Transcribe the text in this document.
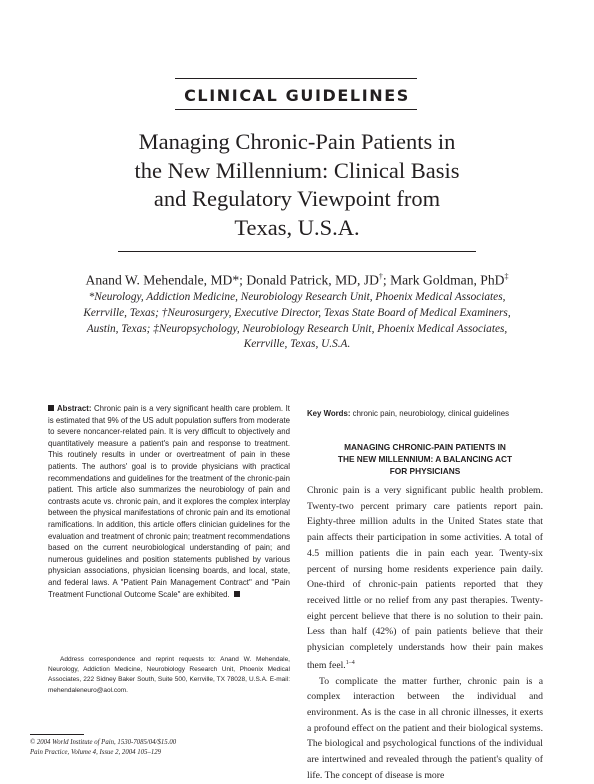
CLINICAL GUIDELINES
Managing Chronic-Pain Patients in
the New Millennium: Clinical Basis
and Regulatory Viewpoint from
Texas, U.S.A.
Anand W. Mehendale, MD*; Donald Patrick, MD, JD†; Mark Goldman, PhD‡
*Neurology, Addiction Medicine, Neurobiology Research Unit, Phoenix Medical Associates,
Kerrville, Texas; †Neurosurgery, Executive Director, Texas State Board of Medical Examiners,
Austin, Texas; ‡Neuropsychology, Neurobiology Research Unit, Phoenix Medical Associates,
Kerrville, Texas, U.S.A.
Abstract: Chronic pain is a very significant health care problem. It is estimated that 9% of the US adult population suffers from moderate to severe noncancer-related pain. It is very difficult to objectively and quantitatively measure a patient's pain and response to treatment. This routinely results in under or overtreatment of pain in these patients. The authors' goal is to provide physicians with practical recommendations and guidelines for the treatment of the chronic-pain patient. This article also summarizes the neurobiology of pain and contrasts acute vs. chronic pain, and it explores the complex interplay between the physical manifestations of chronic pain and its emotional ramifications. In addition, this article offers clinician guidelines for the evaluation and treatment of chronic pain; treatment recommendations based on the current neurobiological understanding of pain; and numerous guidelines and position statements published by various physician associations, physician licensing boards, and local, state, and federal laws. A "Patient Pain Management Contract" and "Pain Treatment Functional Outcome Scale" are exhibited.
Address correspondence and reprint requests to: Anand W. Mehendale, Neurology, Addiction Medicine, Neurobiology Research Unit, Phoenix Medical Associates, 222 Sidney Baker South, Suite 500, Kerrville, TX 78028, U.S.A. E-mail: mehendaleneuro@aol.com.
© 2004 World Institute of Pain, 1530-7085/04/$15.00
Pain Practice, Volume 4, Issue 2, 2004 105–129
Key Words: chronic pain, neurobiology, clinical guidelines
MANAGING CHRONIC-PAIN PATIENTS IN
THE NEW MILLENNIUM: A BALANCING ACT
FOR PHYSICIANS

Chronic pain is a very significant public health problem. Twenty-two percent primary care patients report pain. Eighty-three million adults in the United States state that pain affects their participation in some activities. A total of 4.5 million patients die in pain each year. Twenty-six percent of nursing home residents experience pain daily. One-third of chronic-pain patients reported that they received little or no relief from any past therapies. Twenty-eight percent believe that there is no solution to their pain. Less than half (42%) of pain patients believe that their physician completely understands how their pain makes them feel.$^{1-4}$

To complicate the matter further, chronic pain is a complex interaction between the individual and environment. As is the case in all chronic illnesses, it exerts a profound effect on the patient and their biological systems. The biological and psychological functions of the individual are intertwined and revealed through the patient's quality of life. The concept of disease is more
